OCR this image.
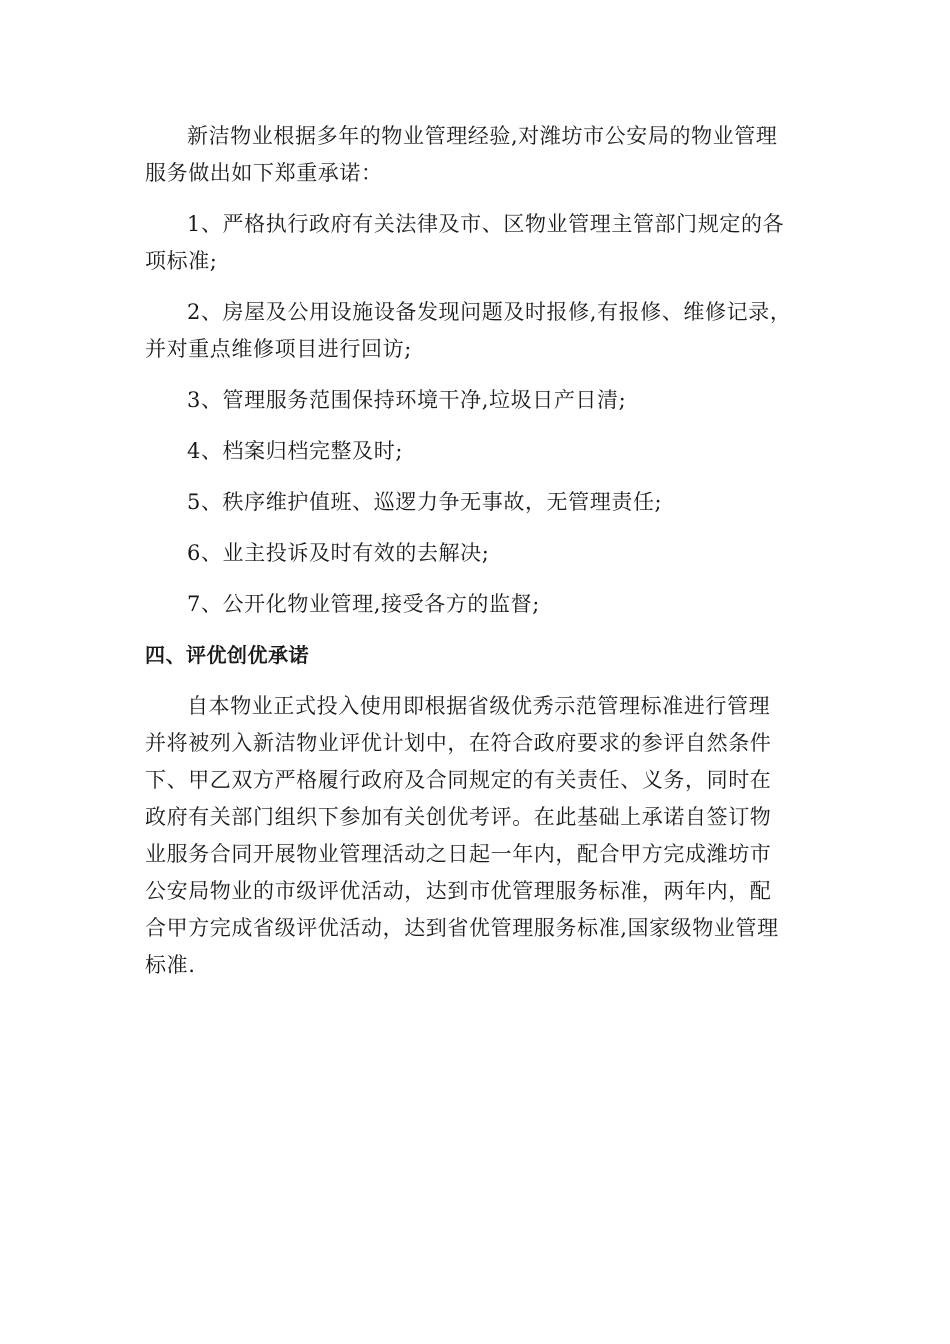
新洁物业根据多年的物业管理经验,对潍坊市公安局的物业管理
服务做出如下郑重承诺：

1、严格执行政府有关法律及市、区物业管理主管部门规定的各
项标准;

2、房屋及公用设施设备发现问题及时报修,有报修、维修记录，
并对重点维修项目进行回访;

3、管理服务范围保持环境干净,垃圾日产日清;

4、档案归档完整及时;

5、秩序维护值班、巡逻力争无事故，无管理责任;

6、业主投诉及时有效的去解决;

7、公开化物业管理,接受各方的监督;

四、评优创优承诺

自本物业正式投入使用即根据省级优秀示范管理标准进行管理
并将被列入新洁物业评优计划中，在符合政府要求的参评自然条件
下、甲乙双方严格履行政府及合同规定的有关责任、义务，同时在
政府有关部门组织下参加有关创优考评。在此基础上承诺自签订物
业服务合同开展物业管理活动之日起一年内，配合甲方完成潍坊市
公安局物业的市级评优活动，达到市优管理服务标准，两年内，配
合甲方完成省级评优活动，达到省优管理服务标准,国家级物业管理
标准.
